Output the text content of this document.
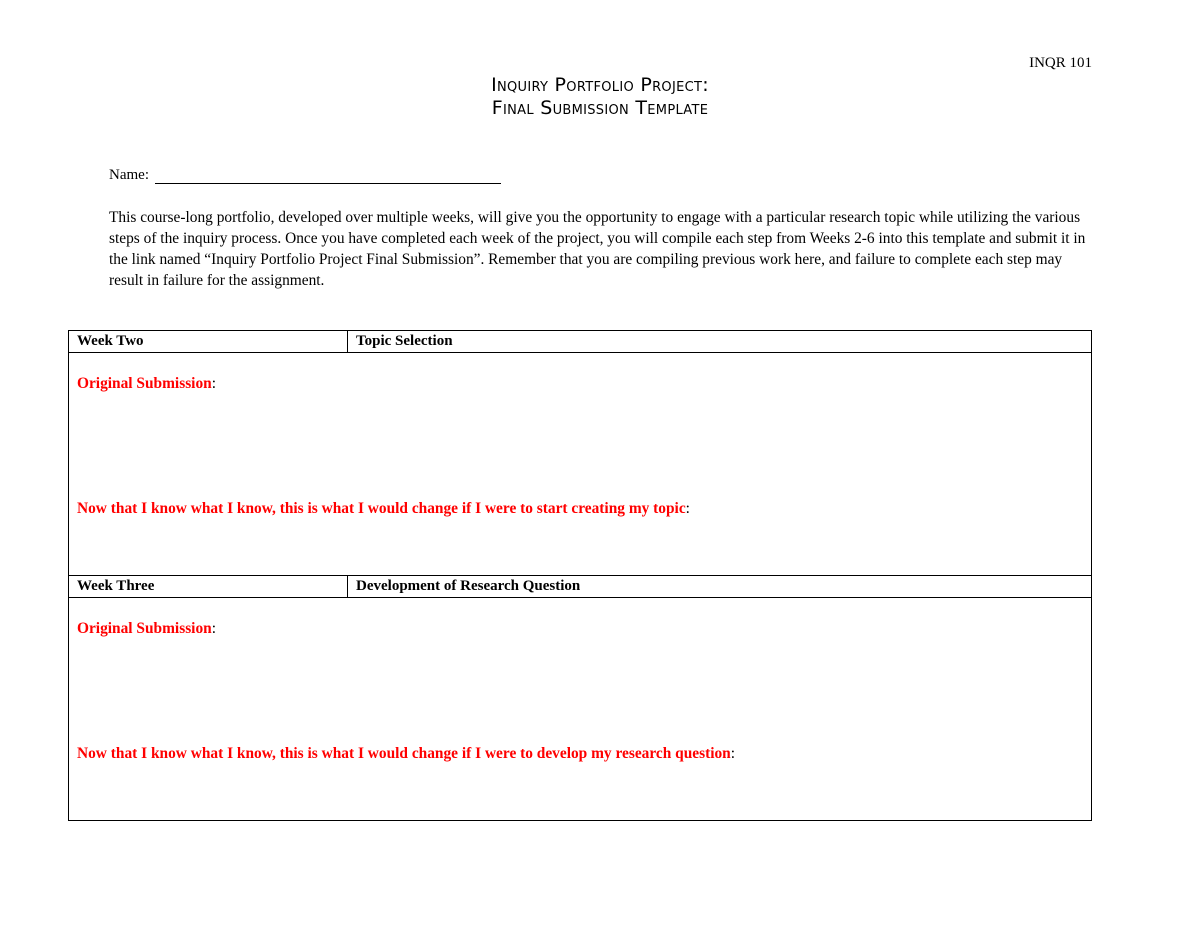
INQR 101
Inquiry Portfolio Project:
Final Submission Template
Name:

This course-long portfolio, developed over multiple weeks, will give you the opportunity to engage with a particular research topic while utilizing the various steps of the inquiry process. Once you have completed each week of the project, you will compile each step from Weeks 2-6 into this template and submit it in the link named “Inquiry Portfolio Project Final Submission”. Remember that you are compiling previous work here, and failure to complete each step may result in failure for the assignment.

Week Two	Topic Selection

Original Submission:
Now that I know what I know, this is what I would change if I were to start creating my topic:	

Week Three	Development of Research Question

Original Submission:
Now that I know what I know, this is what I would change if I were to develop my research question:	
